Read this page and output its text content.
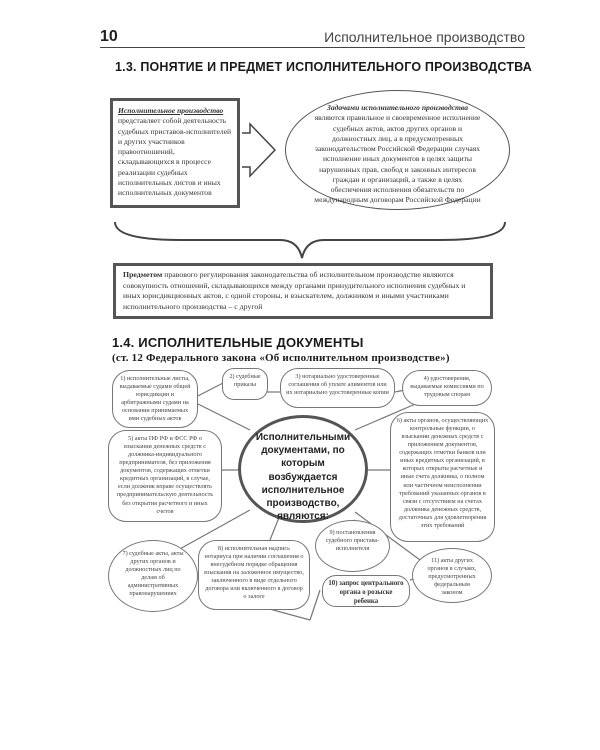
10	Исполнительное производство
1.3. ПОНЯТИЕ И ПРЕДМЕТ ИСПОЛНИТЕЛЬНОГО ПРОИЗВОДСТВА
Исполнительное производство представляет собой деятельность судебных приставов-исполнителей и других участников правоотношений, складывающихся в процессе реализации судебных исполнительных листов и иных исполнительных документов
Задачами исполнительного производства являются правильное и своевременное исполнение судебных актов, актов других органов и должностных лиц, а в предусмотренных законодательством Российской Федерации случаях исполнение иных документов в целях защиты нарушенных прав, свобод и законных интересов граждан и организаций, а также в целях обеспечения исполнения обязательств по международным договорам Российской Федерации
Предметом правового регулирования законодательства об исполнительном производстве являются совокупность отношений, складывающихся между органами принудительного исполнения судебных и иных юрисдикционных актов, с одной стороны, и взыскателем, должником и иными участниками исполнительного производства – с другой
1.4. ИСПОЛНИТЕЛЬНЫЕ ДОКУМЕНТЫ
(ст. 12 Федерального закона «Об исполнительном производстве»)
1) исполнительные листы, выдаваемые судами общей юрисдикции и арбитражными судами на основании принимаемых ими судебных актов
2) судебные приказы
3) нотариально удостоверенные соглашения об уплате алиментов или их нотариально удостоверенные копии
4) удостоверения, выдаваемые комиссиями по трудовым спорам
5) акты ПФ РФ и ФСС РФ о взыскании денежных средств с должника-индивидуального предпринимателя, без приложения документов, содержащих отметки кредитных организаций, в случае, если должник вправе осуществлять предпринимательскую деятельность без открытия расчетного и иных счетов
Исполнительными документами, по которым возбуждается исполнительное производство, являются:
6) акты органов, осуществляющих контрольные функции, о взыскании денежных средств с приложением документов, содержащих отметки банков или иных кредитных организаций, в которых открыты расчетные и иные счета должника, о полном или частичном неисполнении требований указанных органов в связи с отсутствием на счетах должника денежных средств, достаточных для удовлетворения этих требований
7) судебные акты, акты других органов и должностных лиц по делам об административных правонарушениях
8) исполнительная надпись нотариуса при наличии соглашения о внесудебном порядке обращения взыскания на заложенное имущество, заключенного в виде отдельного договора или включенного в договор о залоге
9) постановления судебного пристава-исполнителя
10) запрос центрального органа о розыске ребенка
11) акты других органов в случаях, предусмотренных федеральным законом
